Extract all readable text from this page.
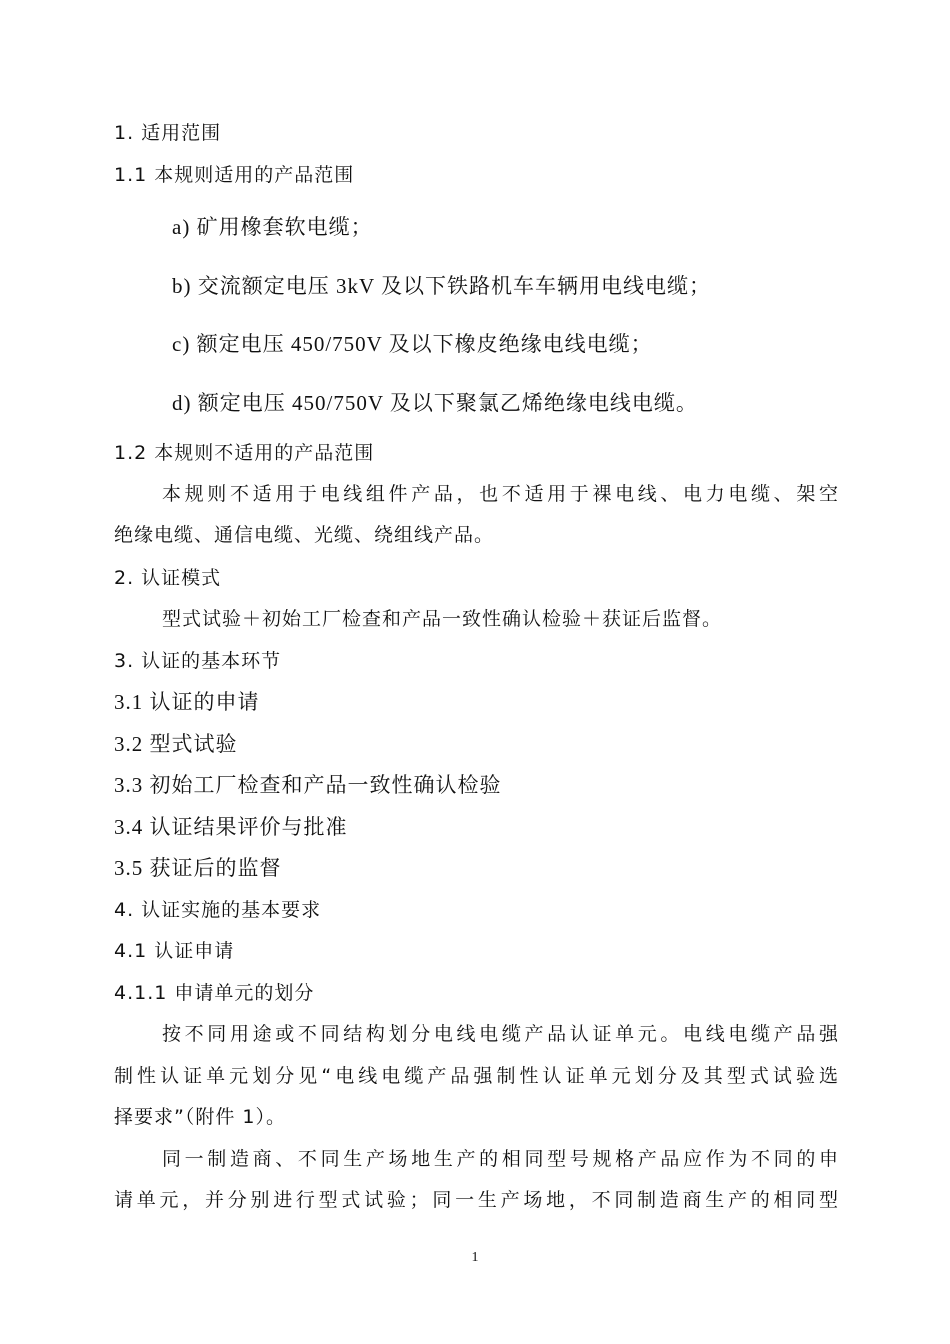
1. 适用范围
1.1 本规则适用的产品范围
a) 矿用橡套软电缆；
b) 交流额定电压 3kV 及以下铁路机车车辆用电线电缆；
c) 额定电压 450/750V 及以下橡皮绝缘电线电缆；
d) 额定电压 450/750V 及以下聚氯乙烯绝缘电线电缆。
1.2 本规则不适用的产品范围
本规则不适用于电线组件产品，也不适用于裸电线、电力电缆、架空
绝缘电缆、通信电缆、光缆、绕组线产品。
2. 认证模式
型式试验＋初始工厂检查和产品一致性确认检验＋获证后监督。
3. 认证的基本环节
3.1 认证的申请
3.2 型式试验
3.3 初始工厂检查和产品一致性确认检验
3.4 认证结果评价与批准
3.5 获证后的监督
4. 认证实施的基本要求
4.1 认证申请
4.1.1 申请单元的划分
按不同用途或不同结构划分电线电缆产品认证单元。电线电缆产品强
制性认证单元划分见“电线电缆产品强制性认证单元划分及其型式试验选
择要求”（附件 1）。
同一制造商、不同生产场地生产的相同型号规格产品应作为不同的申
请单元，并分别进行型式试验；同一生产场地，不同制造商生产的相同型
1
